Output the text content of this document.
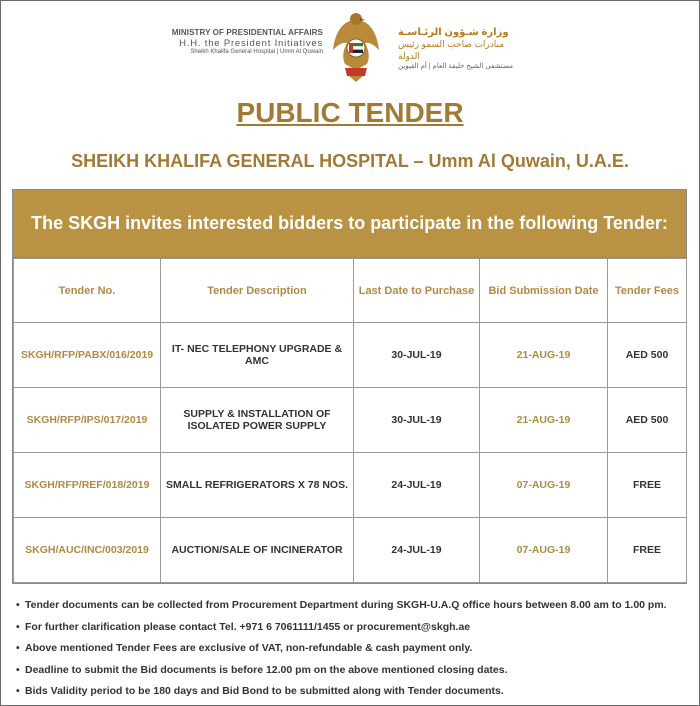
MINISTRY OF PRESIDENTIAL AFFAIRS
H.H. the President Initiatives
Sheikh Khalifa General Hospital | Umm Al Quwain
وزارة شـؤون الرئـاسـة
مبادرات صاحب السمو رئيس الدولة
مستشفى الشيخ خليفة العام | أم القيوين
PUBLIC TENDER
SHEIKH KHALIFA GENERAL HOSPITAL – Umm Al Quwain, U.A.E.
The SKGH invites interested bidders to participate in the following Tender:
Tender No.	Tender Description	Last Date to Purchase	Bid Submission Date	Tender Fees
SKGH/RFP/PABX/016/2019	IT- NEC TELEPHONY UPGRADE & AMC	30-JUL-19	21-AUG-19	AED 500
SKGH/RFP/IPS/017/2019	SUPPLY & INSTALLATION OF ISOLATED POWER SUPPLY	30-JUL-19	21-AUG-19	AED 500
SKGH/RFP/REF/018/2019	SMALL REFRIGERATORS X 78 NOS.	24-JUL-19	07-AUG-19	FREE
SKGH/AUC/INC/003/2019	AUCTION/SALE OF INCINERATOR	24-JUL-19	07-AUG-19	FREE
• Tender documents can be collected from Procurement Department during SKGH-U.A.Q office hours between 8.00 am to 1.00 pm.
• For further clarification please contact Tel. +971 6 7061111/1455 or procurement@skgh.ae
• Above mentioned Tender Fees are exclusive of VAT, non-refundable & cash payment only.
• Deadline to submit the Bid documents is before 12.00 pm on the above mentioned closing dates.
• Bids Validity period to be 180 days and Bid Bond to be submitted along with Tender documents.
